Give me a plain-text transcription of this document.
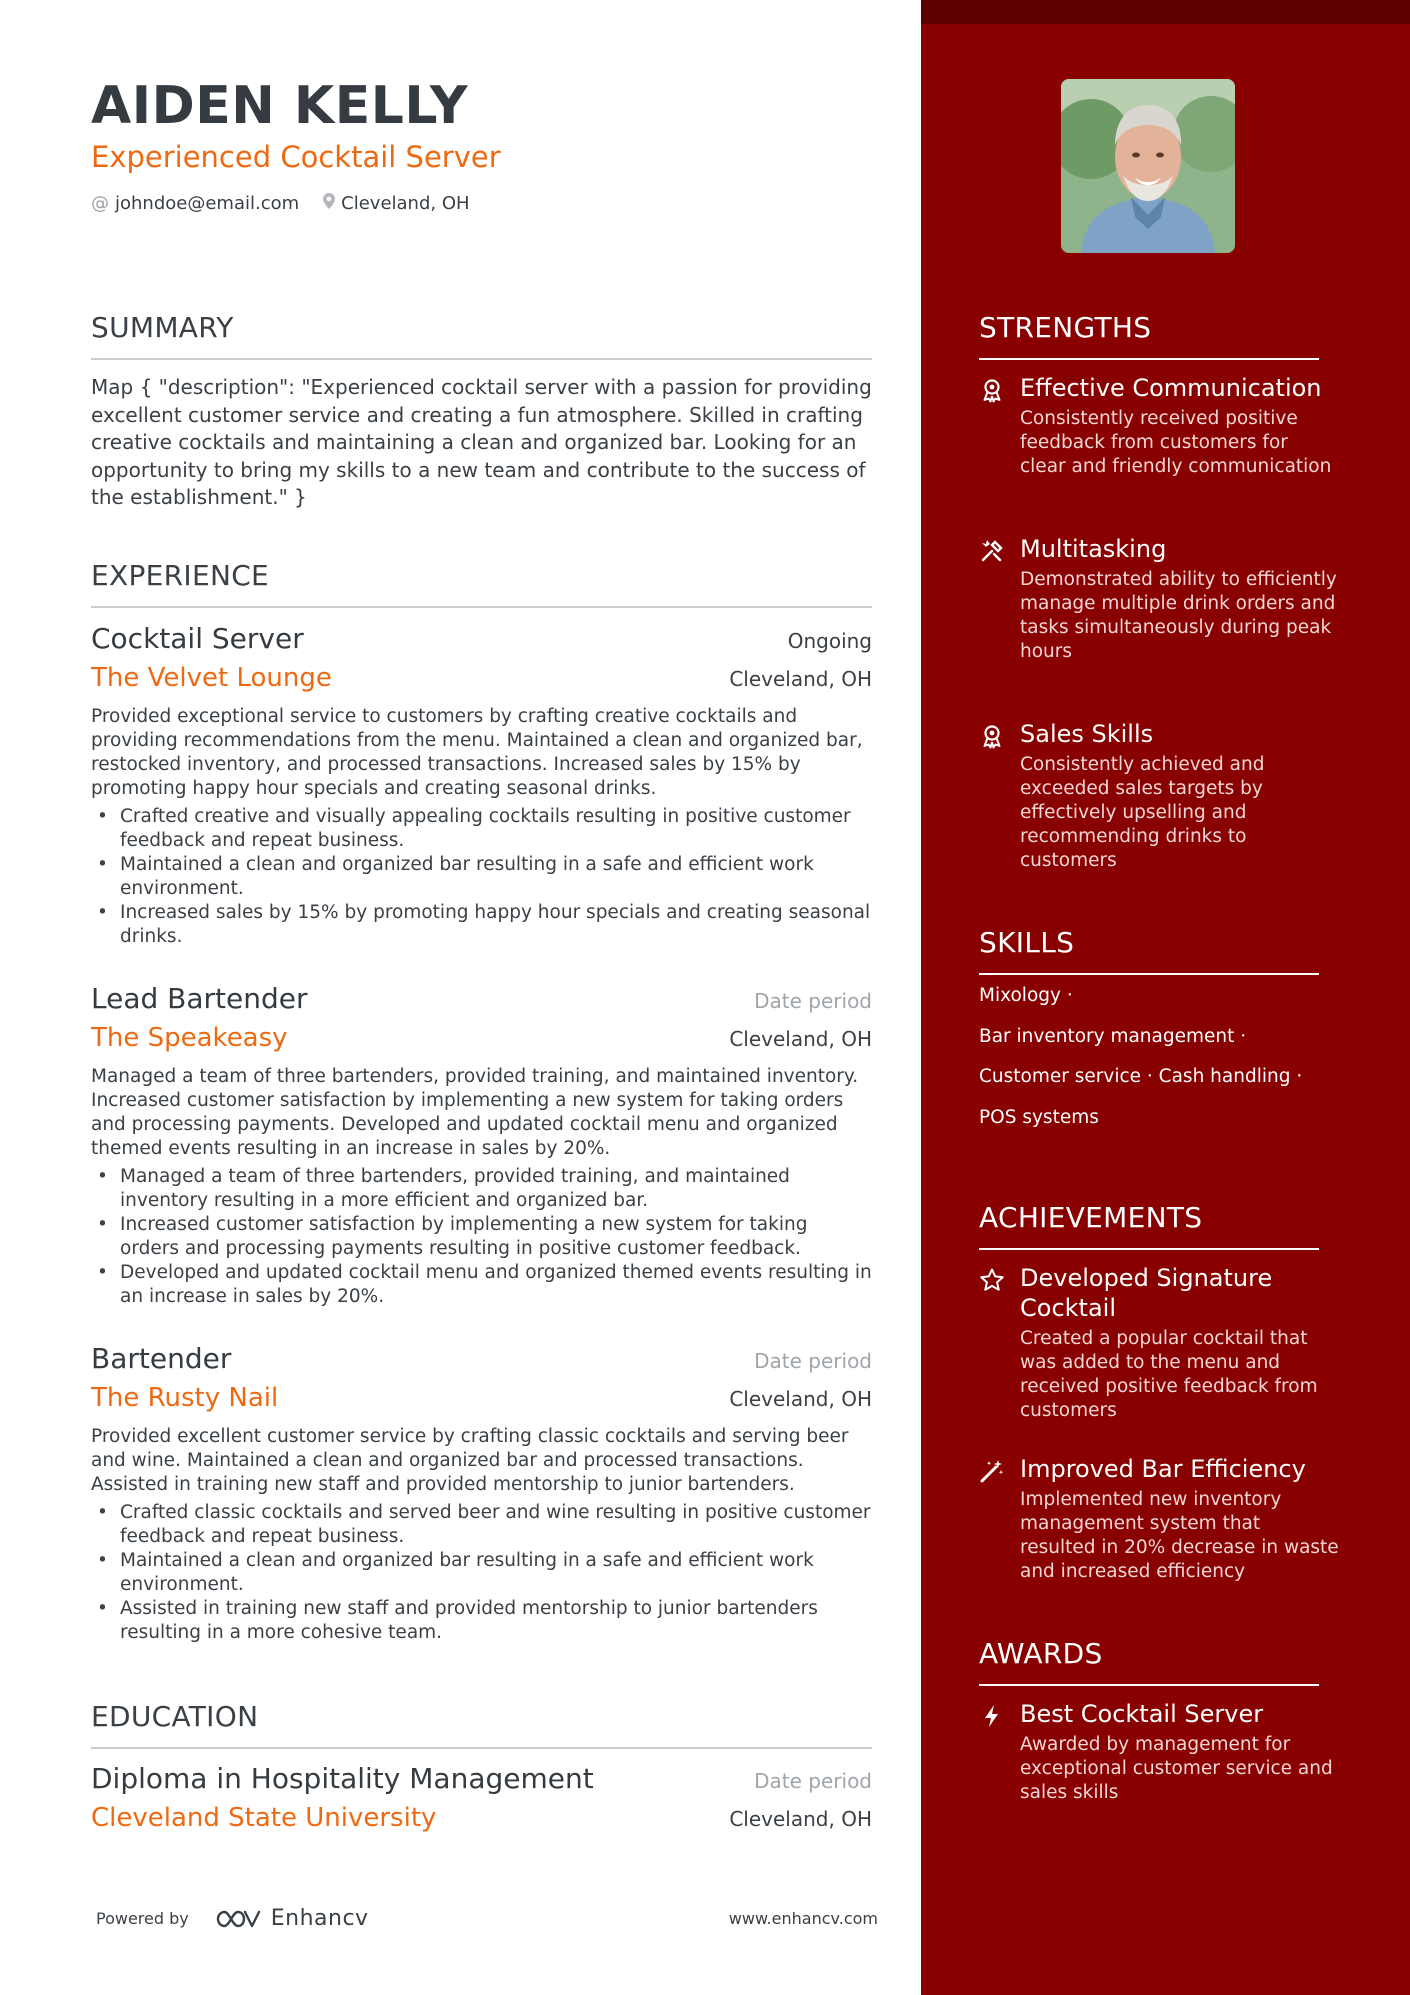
AIDEN KELLY
Experienced Cocktail Server
@ johndoe@email.com Cleveland, OH
SUMMARY
Map { "description": "Experienced cocktail server with a passion for providing excellent customer service and creating a fun atmosphere. Skilled in crafting creative cocktails and maintaining a clean and organized bar. Looking for an opportunity to bring my skills to a new team and contribute to the success of the establishment." }
EXPERIENCE
Cocktail Server	Ongoing
The Velvet Lounge	Cleveland, OH
Provided exceptional service to customers by crafting creative cocktails and providing recommendations from the menu. Maintained a clean and organized bar, restocked inventory, and processed transactions. Increased sales by 15% by promoting happy hour specials and creating seasonal drinks.
• Crafted creative and visually appealing cocktails resulting in positive customer feedback and repeat business.
• Maintained a clean and organized bar resulting in a safe and efficient work environment.
• Increased sales by 15% by promoting happy hour specials and creating seasonal drinks.
Lead Bartender	Date period
The Speakeasy	Cleveland, OH
Managed a team of three bartenders, provided training, and maintained inventory. Increased customer satisfaction by implementing a new system for taking orders and processing payments. Developed and updated cocktail menu and organized themed events resulting in an increase in sales by 20%.
• Managed a team of three bartenders, provided training, and maintained inventory resulting in a more efficient and organized bar.
• Increased customer satisfaction by implementing a new system for taking orders and processing payments resulting in positive customer feedback.
• Developed and updated cocktail menu and organized themed events resulting in an increase in sales by 20%.
Bartender	Date period
The Rusty Nail	Cleveland, OH
Provided excellent customer service by crafting classic cocktails and serving beer and wine. Maintained a clean and organized bar and processed transactions. Assisted in training new staff and provided mentorship to junior bartenders.
• Crafted classic cocktails and served beer and wine resulting in positive customer feedback and repeat business.
• Maintained a clean and organized bar resulting in a safe and efficient work environment.
• Assisted in training new staff and provided mentorship to junior bartenders resulting in a more cohesive team.
EDUCATION
Diploma in Hospitality Management	Date period
Cleveland State University	Cleveland, OH
Powered by	Enhancv	www.enhancv.com
STRENGTHS
Effective Communication
Consistently received positive feedback from customers for clear and friendly communication
Multitasking
Demonstrated ability to efficiently manage multiple drink orders and tasks simultaneously during peak hours
Sales Skills
Consistently achieved and exceeded sales targets by effectively upselling and recommending drinks to customers
SKILLS
Mixology ·
Bar inventory management ·
Customer service · Cash handling ·
POS systems
ACHIEVEMENTS
Developed Signature Cocktail
Created a popular cocktail that was added to the menu and received positive feedback from customers
Improved Bar Efficiency
Implemented new inventory management system that resulted in 20% decrease in waste and increased efficiency
AWARDS
Best Cocktail Server
Awarded by management for exceptional customer service and sales skills
